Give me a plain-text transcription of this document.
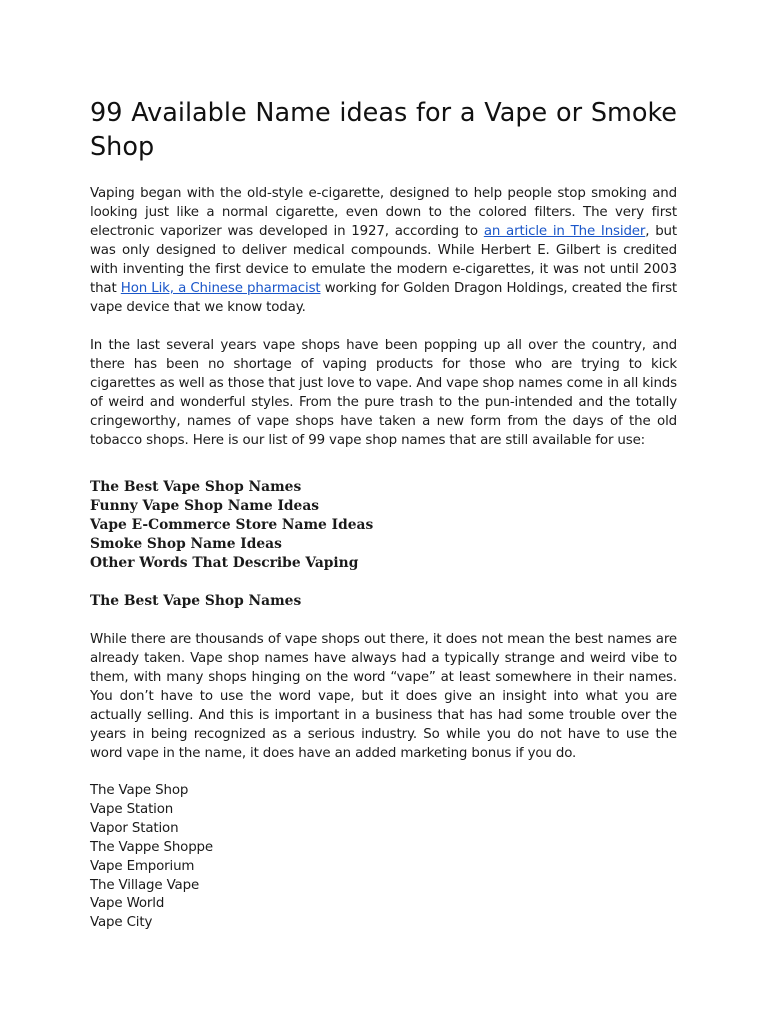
99 Available Name ideas for a Vape or Smoke Shop

Vaping began with the old-style e-cigarette, designed to help people stop smoking and looking just like a normal cigarette, even down to the colored filters. The very first electronic vaporizer was developed in 1927, according to an article in The Insider, but was only designed to deliver medical compounds. While Herbert E. Gilbert is credited with inventing the first device to emulate the modern e-cigarettes, it was not until 2003 that Hon Lik, a Chinese pharmacist working for Golden Dragon Holdings, created the first vape device that we know today.

In the last several years vape shops have been popping up all over the country, and there has been no shortage of vaping products for those who are trying to kick cigarettes as well as those that just love to vape. And vape shop names come in all kinds of weird and wonderful styles. From the pure trash to the pun-intended and the totally cringeworthy, names of vape shops have taken a new form from the days of the old tobacco shops. Here is our list of 99 vape shop names that are still available for use:

The Best Vape Shop Names
Funny Vape Shop Name Ideas
Vape E-Commerce Store Name Ideas
Smoke Shop Name Ideas
Other Words That Describe Vaping
The Best Vape Shop Names

While there are thousands of vape shops out there, it does not mean the best names are already taken. Vape shop names have always had a typically strange and weird vibe to them, with many shops hinging on the word “vape” at least somewhere in their names. You don’t have to use the word vape, but it does give an insight into what you are actually selling. And this is important in a business that has had some trouble over the years in being recognized as a serious industry. So while you do not have to use the word vape in the name, it does have an added marketing bonus if you do.

The Vape Shop
Vape Station
Vapor Station
The Vappe Shoppe
Vape Emporium
The Village Vape
Vape World
Vape City
